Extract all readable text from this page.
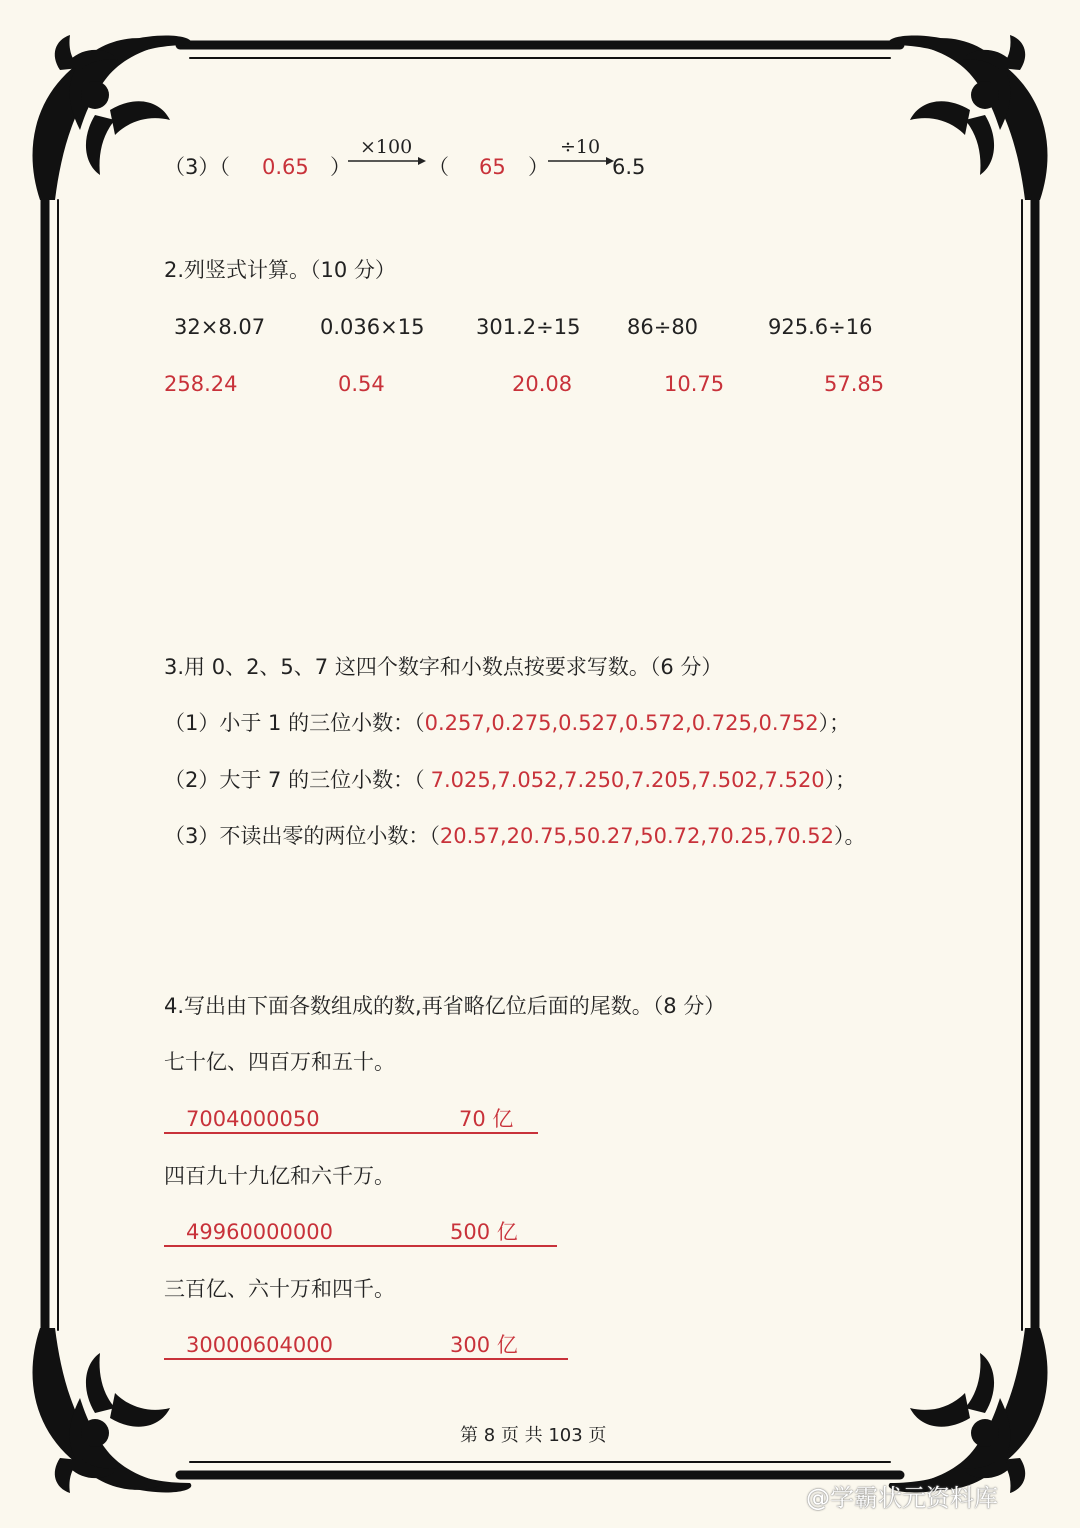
（3）（ 0.65 ）
×100
（ 65 ）
÷10
6.5
2.列竖式计算。（10 分）
32×8.07	0.036×15 301.2÷15 86÷80	925.6÷16
258.24	0.54	20.08	10.75	57.85
3.用 0、2、5、7 这四个数字和小数点按要求写数。（6 分）
（1）小于 1 的三位小数：（0.257,0.275,0.527,0.572,0.725,0.752）；
（2）大于 7 的三位小数：（ 7.025,7.052,7.250,7.205,7.502,7.520）；
（3）不读出零的两位小数：（20.57,20.75,50.27,50.72,70.25,70.52）。
4.写出由下面各数组成的数,再省略亿位后面的尾数。（8 分）
七十亿、四百万和五十。
7004000050	70 亿
四百九十九亿和六千万。
49960000000	500 亿
三百亿、六十万和四千。
30000604000	300 亿
第 8 页 共 103 页
@学霸状元资料库
